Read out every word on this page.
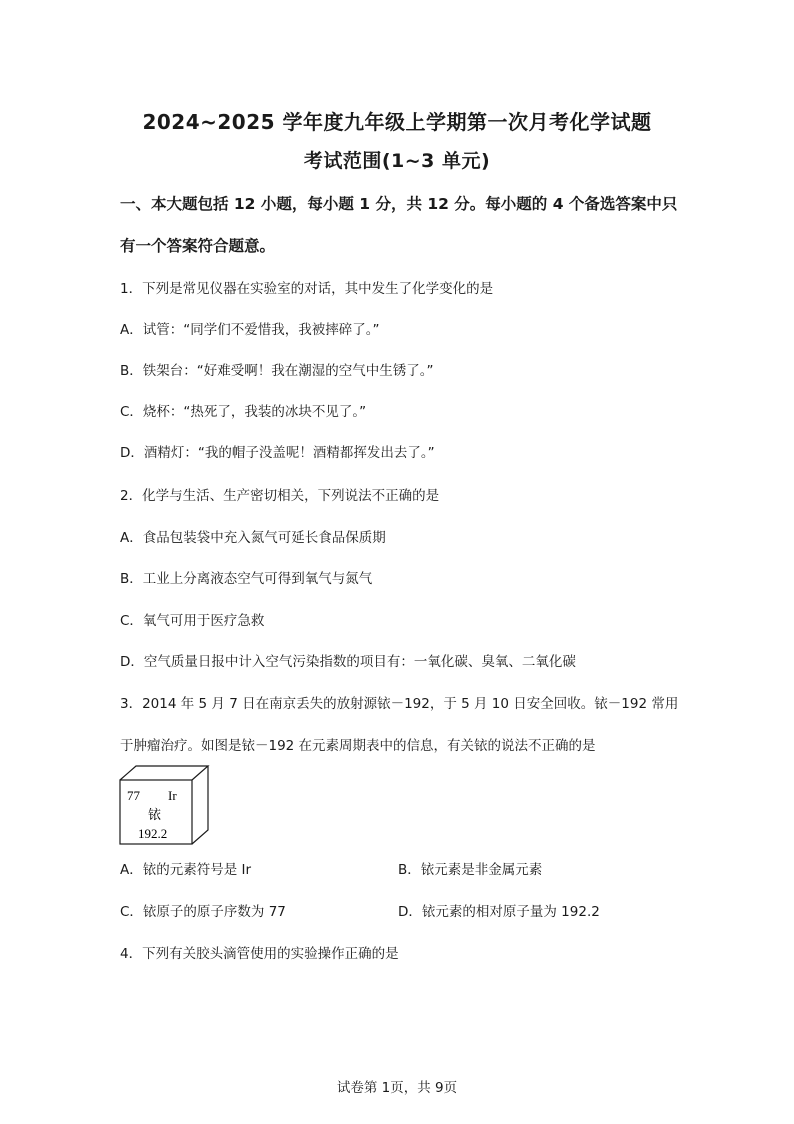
2024~2025 学年度九年级上学期第一次月考化学试题
考试范围(1~3 单元)
一、本大题包括 12 小题，每小题 1 分，共 12 分。每小题的 4 个备选答案中只
有一个答案符合题意。
1．下列是常见仪器在实验室的对话，其中发生了化学变化的是
A．试管：“同学们不爱惜我，我被摔碎了。”
B．铁架台：“好难受啊！我在潮湿的空气中生锈了。”
C．烧杯：“热死了，我装的冰块不见了。”
D．酒精灯：“我的帽子没盖呢！酒精都挥发出去了。”
2．化学与生活、生产密切相关，下列说法不正确的是
A．食品包装袋中充入氮气可延长食品保质期
B．工业上分离液态空气可得到氧气与氮气
C．氧气可用于医疗急救
D．空气质量日报中计入空气污染指数的项目有：一氧化碳、臭氧、二氧化碳
3．2014 年 5 月 7 日在南京丢失的放射源铱－192，于 5 月 10 日安全回收。铱－192 常用
于肿瘤治疗。如图是铱－192 在元素周期表中的信息，有关铱的说法不正确的是
77 Ir
铱
192.2
A．铱的元素符号是 Ir	B．铱元素是非金属元素
C．铱原子的原子序数为 77	D．铱元素的相对原子量为 192.2
4．下列有关胶头滴管使用的实验操作正确的是
试卷第 1页，共 9页
